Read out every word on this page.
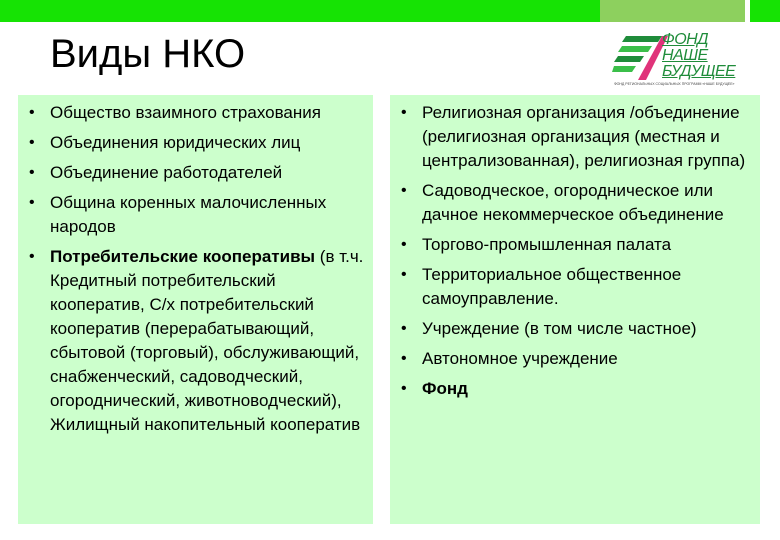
Виды НКО	ФОНД
НАШЕ
БУДУЩЕЕ
ФОНД РЕГИОНАЛЬНЫХ СОЦИАЛЬНЫХ ПРОГРАММ «НАШЕ БУДУЩЕЕ»
• Общество взаимного страхования
• Объединения юридических лиц
• Объединение работодателей
• Община коренных малочисленных народов
• Потребительские кооперативы (в т.ч. Кредитный потребительский кооператив, С/х потребительский кооператив (перерабатывающий, сбытовой (торговый), обслуживающий, снабженческий, садоводческий, огороднический, животноводческий), Жилищный накопительный кооператив
• Религиозная организация /объединение (религиозная организация (местная и централизованная), религиозная группа)
• Садоводческое, огородническое или дачное некоммерческое объединение
• Торгово-промышленная палата
• Территориальное общественное самоуправление.
• Учреждение (в том числе частное)
• Автономное учреждение
• Фонд
